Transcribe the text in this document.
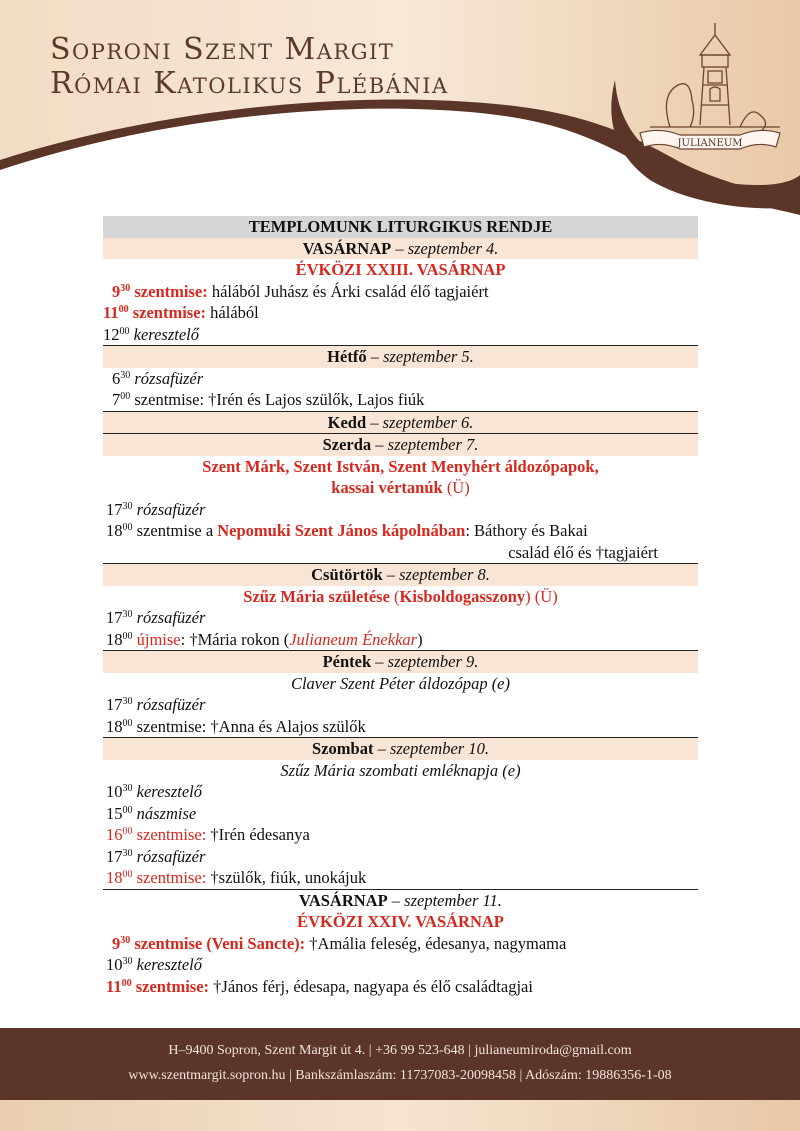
Soproni Szent Margit
Római Katolikus Plébánia
JULIANEUM
TEMPLOMUNK LITURGIKUS RENDJE
VASÁRNAP – szeptember 4.
ÉVKÖZI XXIII. VASÁRNAP
$9^{30}$ szentmise: hálából Juhász és Árki család élő tagjaiért
$11^{00}$ szentmise: hálából
$12^{00}$ keresztelő
Hétfő – szeptember 5.
$6^{30}$ rózsafüzér
$7^{00}$ szentmise: †Irén és Lajos szülők, Lajos fiúk
Kedd – szeptember 6.
Szerda – szeptember 7.
Szent Márk, Szent István, Szent Menyhért áldozópapok,
kassai vértanúk (Ü)
$17^{30}$ rózsafüzér
$18^{00}$ szentmise a Nepomuki Szent János kápolnában: Báthory és Bakai
család élő és †tagjaiért
Csütörtök – szeptember 8.
Szűz Mária születése (Kisboldogasszony) (Ü)
$17^{30}$ rózsafüzér
$18^{00}$ újmise: †Mária rokon (Julianeum Énekkar)
Péntek – szeptember 9.
Claver Szent Péter áldozópap (e)
$17^{30}$ rózsafüzér
$18^{00}$ szentmise: †Anna és Alajos szülők
Szombat – szeptember 10.
Szűz Mária szombati emléknapja (e)
$10^{30}$ keresztelő
$15^{00}$ nászmise
$16^{00}$ szentmise: †Irén édesanya
$17^{30}$ rózsafüzér
$18^{00}$ szentmise: †szülők, fiúk, unokájuk
VASÁRNAP – szeptember 11.
ÉVKÖZI XXIV. VASÁRNAP
$9^{30}$ szentmise (Veni Sancte): †Amália feleség, édesanya, nagymama
$10^{30}$ keresztelő
$11^{00}$ szentmise: †János férj, édesapa, nagyapa és élő családtagjai
H–9400 Sopron, Szent Margit út 4. | +36 99 523-648 | julianeumiroda@gmail.com
www.szentmargit.sopron.hu | Bankszámlaszám: 11737083-20098458 | Adószám: 19886356-1-08
